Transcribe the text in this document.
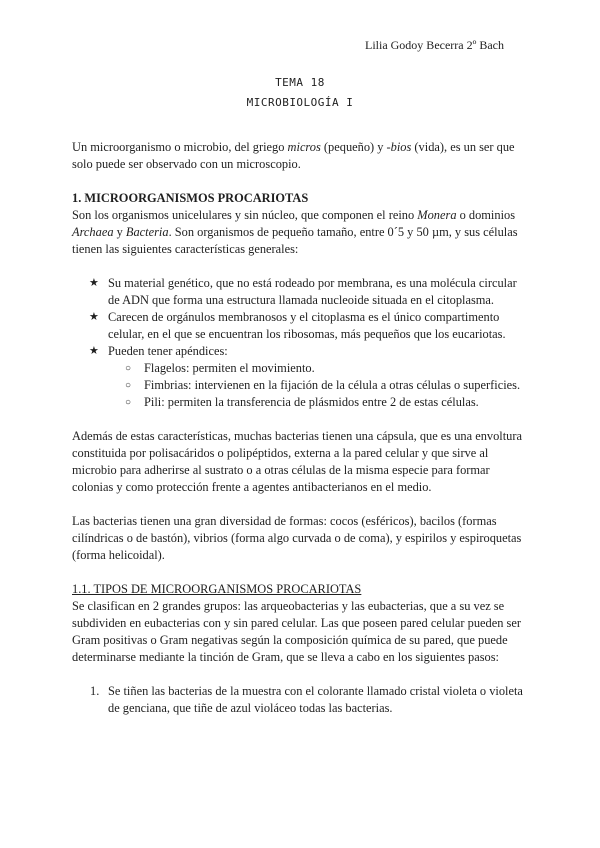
Lilia Godoy Becerra 2º Bach
TEMA 18
MICROBIOLOGÍA I

Un microorganismo o microbio, del griego micros (pequeño) y -bios (vida), es un ser que solo puede ser observado con un microscopio.

1. MICROORGANISMOS PROCARIOTAS

Son los organismos unicelulares y sin núcleo, que componen el reino Monera o dominios Archaea y Bacteria. Son organismos de pequeño tamaño, entre 0´5 y 50 µm, y sus células tienen las siguientes características generales:

★ Su material genético, que no está rodeado por membrana, es una molécula circular de ADN que forma una estructura llamada nucleoide situada en el citoplasma.
★ Carecen de orgánulos membranosos y el citoplasma es el único compartimento celular, en el que se encuentran los ribosomas, más pequeños que los eucariotas.
★ Pueden tener apéndices:
○ Flagelos: permiten el movimiento.
○ Fimbrias: intervienen en la fijación de la célula a otras células o superficies.
○ Pili: permiten la transferencia de plásmidos entre 2 de estas células.

Además de estas características, muchas bacterias tienen una cápsula, que es una envoltura constituida por polisacáridos o polipéptidos, externa a la pared celular y que sirve al microbio para adherirse al sustrato o a otras células de la misma especie para formar colonias y como protección frente a agentes antibacterianos en el medio.

Las bacterias tienen una gran diversidad de formas: cocos (esféricos), bacilos (formas cilíndricas o de bastón), vibrios (forma algo curvada o de coma), y espirilos y espiroquetas (forma helicoidal).

1.1. TIPOS DE MICROORGANISMOS PROCARIOTAS

Se clasifican en 2 grandes grupos: las arqueobacterias y las eubacterias, que a su vez se subdividen en eubacterias con y sin pared celular. Las que poseen pared celular pueden ser Gram positivas o Gram negativas según la composición química de su pared, que puede determinarse mediante la tinción de Gram, que se lleva a cabo en los siguientes pasos:

1. Se tiñen las bacterias de la muestra con el colorante llamado cristal violeta o violeta de genciana, que tiñe de azul violáceo todas las bacterias.
